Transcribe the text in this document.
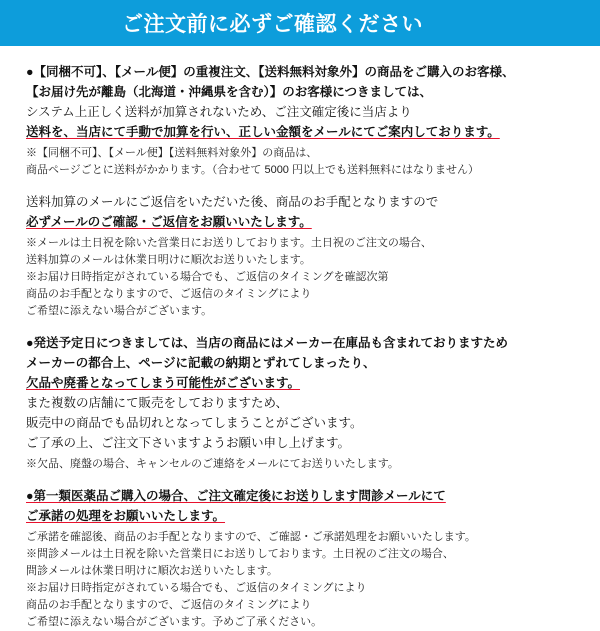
ご注文前に必ずご確認ください
●【同梱不可】、【メール便】の重複注文、【送料無料対象外】の商品をご購入のお客様、
【お届け先が離島（北海道・沖縄県を含む）】のお客様につきましては、
システム上正しく送料が加算されないため、ご注文確定後に当店より
送料を、当店にて手動で加算を行い、正しい金額をメールにてご案内しております。
※【同梱不可】、【メール便】【送料無料対象外】の商品は、
商品ページごとに送料がかかります。（合わせて 5000 円以上でも送料無料にはなりません）
送料加算のメールにご返信をいただいた後、商品のお手配となりますので
必ずメールのご確認・ご返信をお願いいたします。
※メールは土日祝を除いた営業日にお送りしております。土日祝のご注文の場合、
送料加算のメールは休業日明けに順次お送りいたします。
※お届け日時指定がされている場合でも、ご返信のタイミングを確認次第
商品のお手配となりますので、ご返信のタイミングにより
ご希望に添えない場合がございます。
●発送予定日につきましては、当店の商品にはメーカー在庫品も含まれておりますため
メーカーの都合上、ページに記載の納期とずれてしまったり、
欠品や廃番となってしまう可能性がございます。
また複数の店舗にて販売をしておりますため、
販売中の商品でも品切れとなってしまうことがございます。
ご了承の上、ご注文下さいますようお願い申し上げます。
※欠品、廃盤の場合、キャンセルのご連絡をメールにてお送りいたします。
●第一類医薬品ご購入の場合、ご注文確定後にお送りします問診メールにて
ご承諾の処理をお願いいたします。
ご承諾を確認後、商品のお手配となりますので、ご確認・ご承諾処理をお願いいたします。
※問診メールは土日祝を除いた営業日にお送りしております。土日祝のご注文の場合、
問診メールは休業日明けに順次お送りいたします。
※お届け日時指定がされている場合でも、ご返信のタイミングにより
商品のお手配となりますので、ご返信のタイミングにより
ご希望に添えない場合がございます。予めご了承ください。
